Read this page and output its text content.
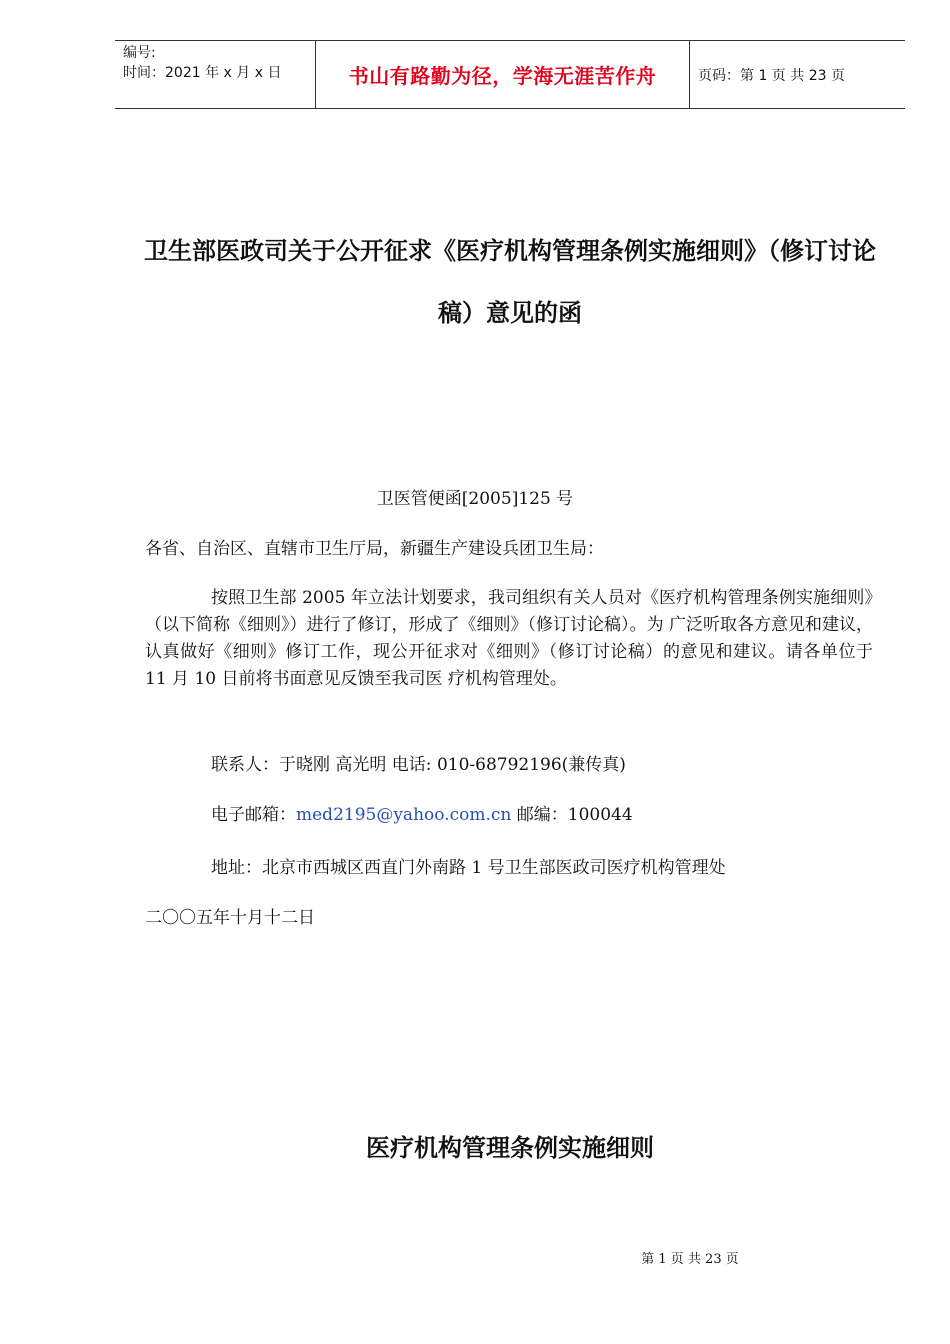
编号:
时间：2021 年 x 月 x 日	书山有路勤为径，学海无涯苦作舟	页码：第 1 页 共 23 页
卫生部医政司关于公开征求《医疗机构管理条例实施细则》（修订讨论稿）意见的函
卫医管便函[2005]125 号
各省、自治区、直辖市卫生厅局，新疆生产建设兵团卫生局：
按照卫生部 2005 年立法计划要求，我司组织有关人员对《医疗机构管理条例实施细则》（以下简称《细则》）进行了修订，形成了《细则》（修订讨论稿）。为 广泛听取各方意见和建议，认真做好《细则》修订工作，现公开征求对《细则》（修订讨论稿）的意见和建议。请各单位于 11 月 10 日前将书面意见反馈至我司医 疗机构管理处。
联系人：于晓刚 高光明 电话: 010-68792196(兼传真)
电子邮箱：med2195@yahoo.com.cn 邮编：100044
地址：北京市西城区西直门外南路 1 号卫生部医政司医疗机构管理处
二〇〇五年十月十二日
医疗机构管理条例实施细则
第 1 页 共 23 页
